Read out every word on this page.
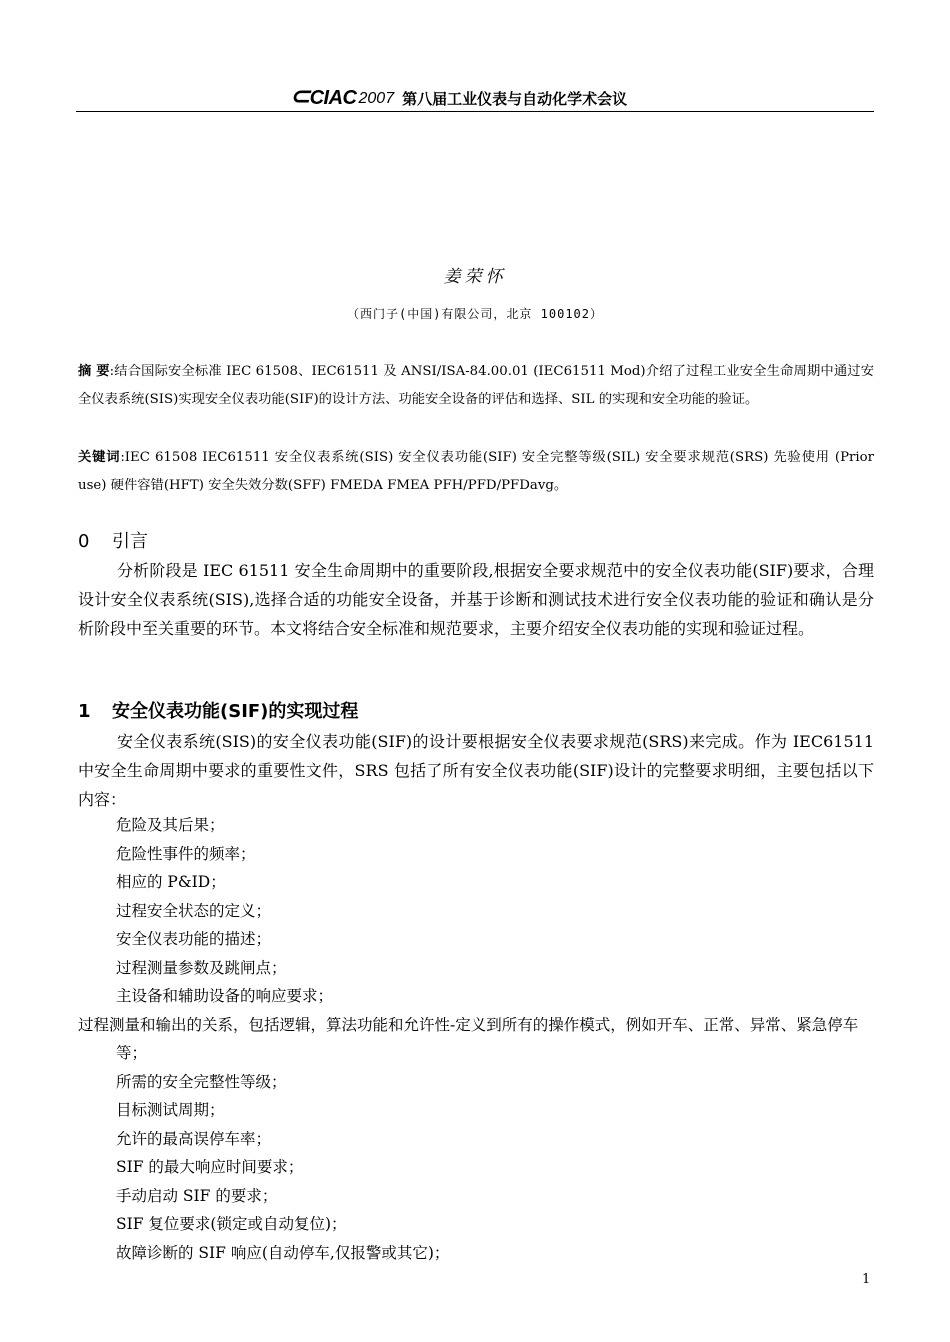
⊂ CIAC 2007 第八届工业仪表与自动化学术会议
姜荣怀
（西门子(中国)有限公司，北京 100102）
摘 要:结合国际安全标准 IEC 61508、IEC61511 及 ANSI/ISA-84.00.01 (IEC61511 Mod)介绍了过程工业安全生命周期中通过安全仪表系统(SIS)实现安全仪表功能(SIF)的设计方法、功能安全设备的评估和选择、SIL 的实现和安全功能的验证。
关键词:IEC 61508 IEC61511 安全仪表系统(SIS) 安全仪表功能(SIF) 安全完整等级(SIL) 安全要求规范(SRS) 先验使用 (Prior use) 硬件容错(HFT) 安全失效分数(SFF) FMEDA FMEA PFH/PFD/PFDavg。
0 引言
分析阶段是 IEC 61511 安全生命周期中的重要阶段,根据安全要求规范中的安全仪表功能(SIF)要求，合理设计安全仪表系统(SIS),选择合适的功能安全设备，并基于诊断和测试技术进行安全仪表功能的验证和确认是分析阶段中至关重要的环节。本文将结合安全标准和规范要求，主要介绍安全仪表功能的实现和验证过程。
1 安全仪表功能(SIF)的实现过程
安全仪表系统(SIS)的安全仪表功能(SIF)的设计要根据安全仪表要求规范(SRS)来完成。作为 IEC61511 中安全生命周期中要求的重要性文件，SRS 包括了所有安全仪表功能(SIF)设计的完整要求明细，主要包括以下内容：
危险及其后果；
危险性事件的频率；
相应的 P&ID；
过程安全状态的定义；
安全仪表功能的描述；
过程测量参数及跳闸点；
主设备和辅助设备的响应要求；
过程测量和输出的关系，包括逻辑，算法功能和允许性-定义到所有的操作模式，例如开车、正常、异常、紧急停车等；
所需的安全完整性等级；
目标测试周期；
允许的最高误停车率；
SIF 的最大响应时间要求；
手动启动 SIF 的要求；
SIF 复位要求(锁定或自动复位)；
故障诊断的 SIF 响应(自动停车,仅报警或其它)；
1
